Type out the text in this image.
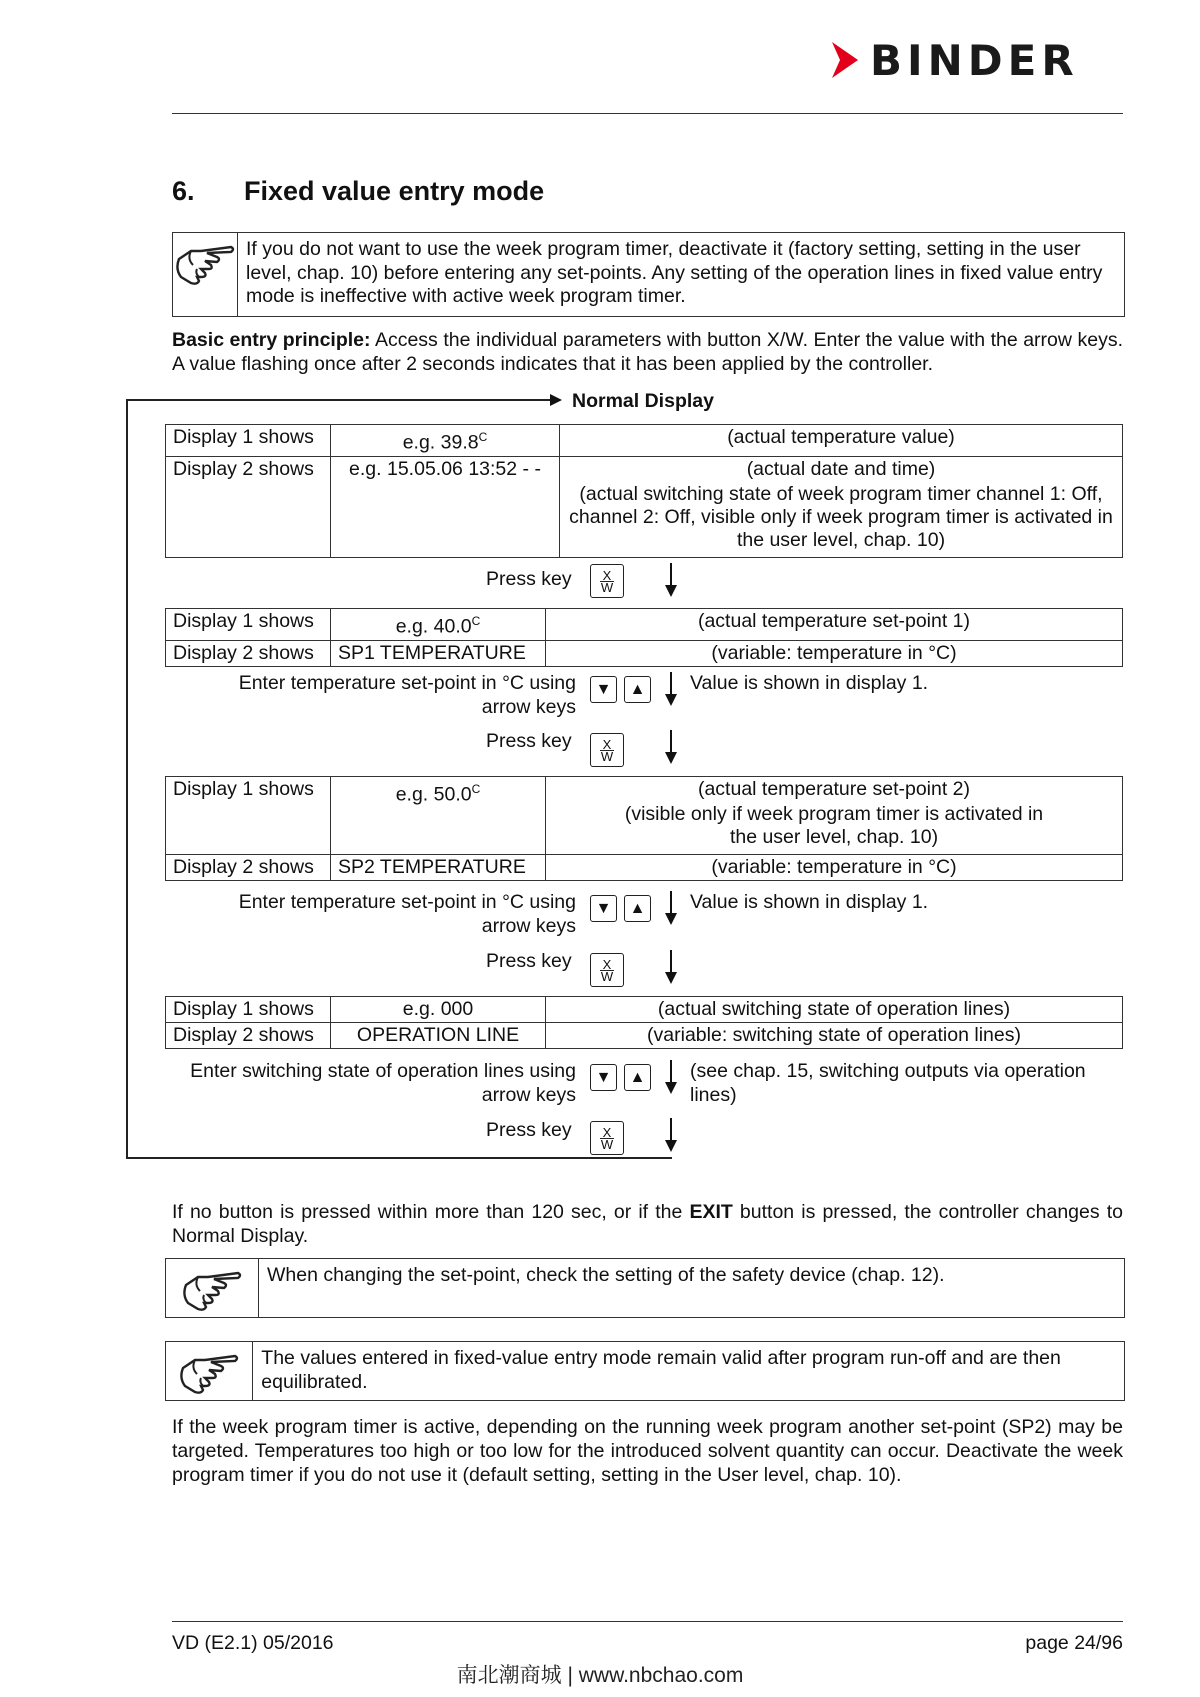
BINDER
6. Fixed value entry mode
If you do not want to use the week program timer, deactivate it (factory setting, setting in the user level, chap. 10) before entering any set-points. Any setting of the operation lines in fixed value entry mode is ineffective with active week program timer.
Basic entry principle: Access the individual parameters with button X/W. Enter the value with the arrow keys. A value flashing once after 2 seconds indicates that it has been applied by the controller.
Normal Display
Display 1 shows	e.g. $39.8^C$	(actual temperature value)
Display 2 shows	e.g. 15.05.06 13:52 - -	(actual date and time)
(actual switching state of week program timer channel 1: Off, channel 2: Off, visible only if week program timer is activated in the user level, chap. 10)
Press key X
W
Display 1 shows	e.g. $40.0^C$	(actual temperature set-point 1)
Display 2 shows	SP1 TEMPERATURE	(variable: temperature in °C)
Enter temperature set-point in °C using
arrow keys
▼	▲ Value is shown in display 1.
Press key X
W
Display 1 shows	e.g. $50.0^C$	(actual temperature set-point 2)
(visible only if week program timer is activated in the user level, chap. 10)

Display 2 shows	SP2 TEMPERATURE	(variable: temperature in °C)
Enter temperature set-point in °C using
arrow keys
▼	▲ Value is shown in display 1.
Press key X
W
Display 1 shows	e.g. 000	(actual switching state of operation lines)
Display 2 shows	OPERATION LINE	(variable: switching state of operation lines)
Enter switching state of operation lines using
arrow keys
▼	▲ (see chap. 15, switching outputs via operation lines)
Press key X
W
If no button is pressed within more than 120 sec, or if the EXIT button is pressed, the controller changes to Normal Display.
When changing the set-point, check the setting of the safety device (chap. 12).
The values entered in fixed-value entry mode remain valid after program run-off and are then equilibrated.
If the week program timer is active, depending on the running week program another set-point (SP2) may be targeted. Temperatures too high or too low for the introduced solvent quantity can occur. Deactivate the week program timer if you do not use it (default setting, setting in the User level, chap. 10).
VD (E2.1) 05/2016	page 24/96
南北潮商城 | www.nbchao.com
